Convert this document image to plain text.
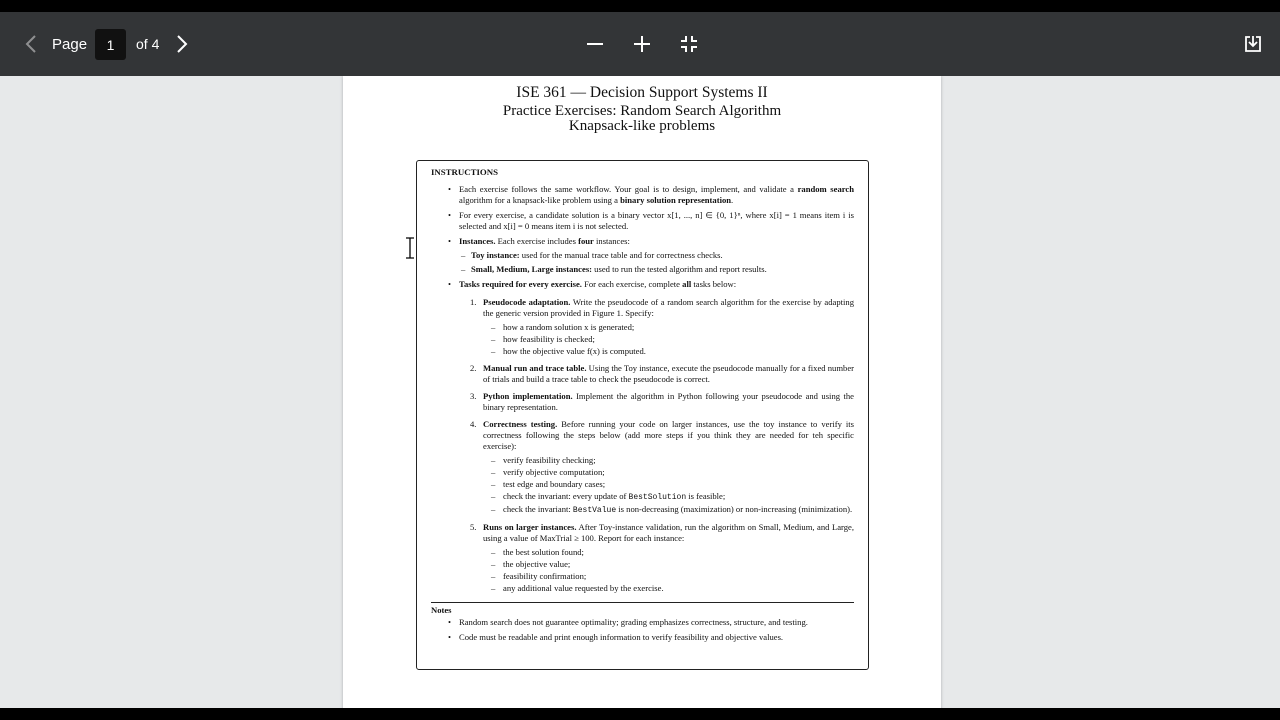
Page
1	of 4
ISE 361 — Decision Support Systems II
Practice Exercises: Random Search Algorithm
Knapsack-like problems
INSTRUCTIONS
• Each exercise follows the same workflow. Your goal is to design, implement, and validate a random search algorithm for a knapsack-like problem using a binary solution representation.
• For every exercise, a candidate solution is a binary vector x[1, ..., n] ∈ {0, 1}ⁿ, where x[i] = 1 means item i is selected and x[i] = 0 means item i is not selected.
• Instances. Each exercise includes four instances:
– Toy instance: used for the manual trace table and for correctness checks.
– Small, Medium, Large instances: used to run the tested algorithm and report results.
• Tasks required for every exercise. For each exercise, complete all tasks below:
1. Pseudocode adaptation. Write the pseudocode of a random search algorithm for the exercise by adapting the generic version provided in Figure 1. Specify:
– how a random solution x is generated;
– how feasibility is checked;
– how the objective value f(x) is computed.
2. Manual run and trace table. Using the Toy instance, execute the pseudocode manually for a fixed number of trials and build a trace table to check the pseudocode is correct.
3. Python implementation. Implement the algorithm in Python following your pseudocode and using the binary representation.
4. Correctness testing. Before running your code on larger instances, use the toy instance to verify its correctness following the steps below (add more steps if you think they are needed for teh specific exercise):
– verify feasibility checking;
– verify objective computation;
– test edge and boundary cases;
– check the invariant: every update of BestSolution is feasible;
– check the invariant: BestValue is non-decreasing (maximization) or non-increasing (minimization).
5. Runs on larger instances. After Toy-instance validation, run the algorithm on Small, Medium, and Large, using a value of MaxTrial ≥ 100. Report for each instance:
– the best solution found;
– the objective value;
– feasibility confirmation;
– any additional value requested by the exercise.
Notes
• Random search does not guarantee optimality; grading emphasizes correctness, structure, and testing.
• Code must be readable and print enough information to verify feasibility and objective values.
